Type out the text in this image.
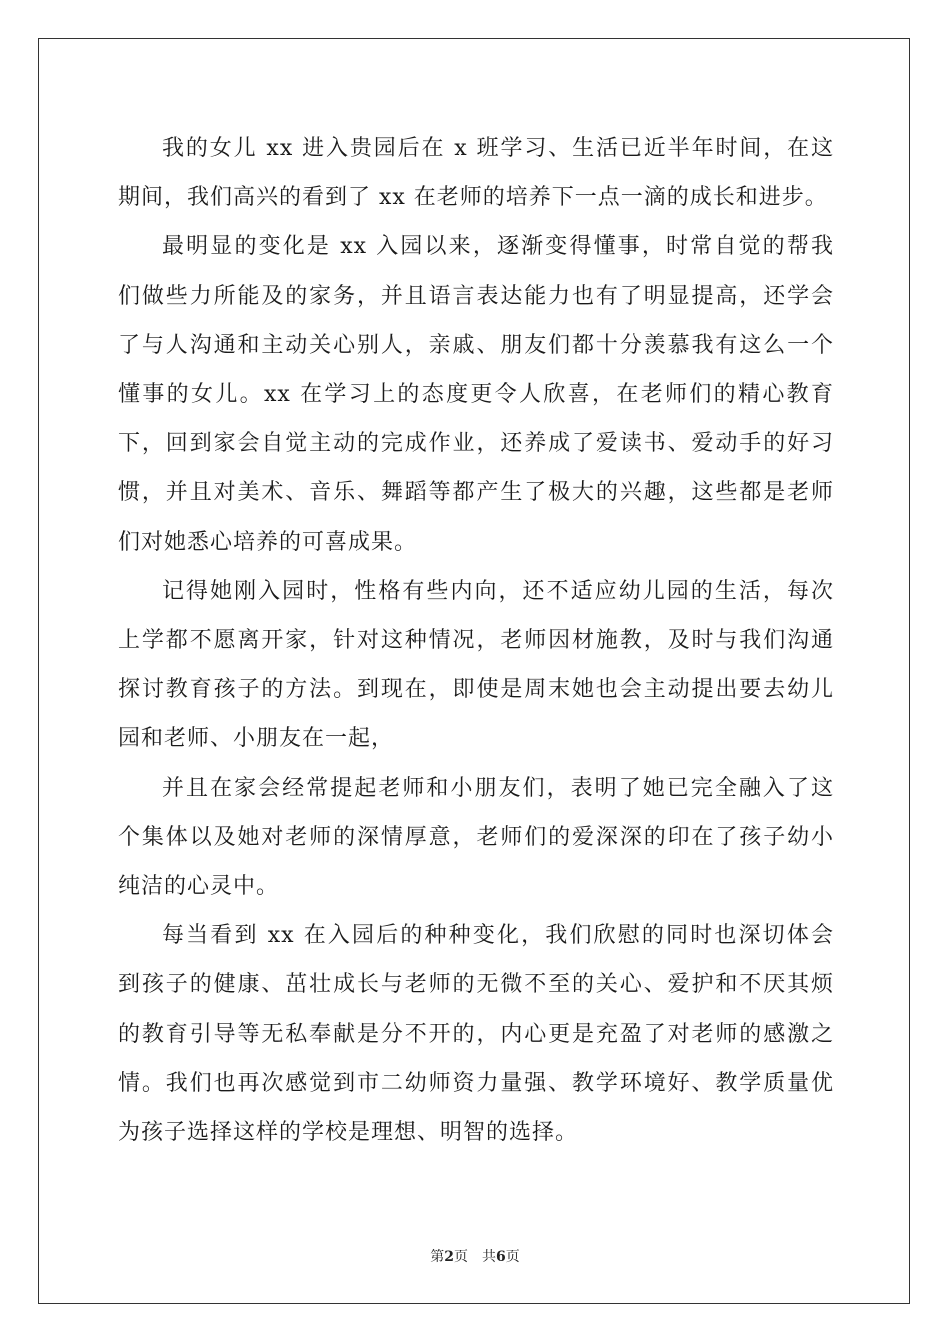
我的女儿 xx 进入贵园后在 x 班学习、生活已近半年时间，在这
期间，我们高兴的看到了 xx 在老师的培养下一点一滴的成长和进步。
最明显的变化是 xx 入园以来，逐渐变得懂事，时常自觉的帮我
们做些力所能及的家务，并且语言表达能力也有了明显提高，还学会
了与人沟通和主动关心别人，亲戚、朋友们都十分羡慕我有这么一个
懂事的女儿。xx 在学习上的态度更令人欣喜，在老师们的精心教育
下，回到家会自觉主动的完成作业，还养成了爱读书、爱动手的好习
惯，并且对美术、音乐、舞蹈等都产生了极大的兴趣，这些都是老师
们对她悉心培养的可喜成果。
记得她刚入园时，性格有些内向，还不适应幼儿园的生活，每次
上学都不愿离开家，针对这种情况，老师因材施教，及时与我们沟通
探讨教育孩子的方法。到现在，即使是周末她也会主动提出要去幼儿
园和老师、小朋友在一起，
并且在家会经常提起老师和小朋友们，表明了她已完全融入了这
个集体以及她对老师的深情厚意，老师们的爱深深的印在了孩子幼小
纯洁的心灵中。
每当看到 xx 在入园后的种种变化，我们欣慰的同时也深切体会
到孩子的健康、茁壮成长与老师的无微不至的关心、爱护和不厌其烦
的教育引导等无私奉献是分不开的，内心更是充盈了对老师的感激之
情。我们也再次感觉到市二幼师资力量强、教学环境好、教学质量优
为孩子选择这样的学校是理想、明智的选择。
第2页 共6页
